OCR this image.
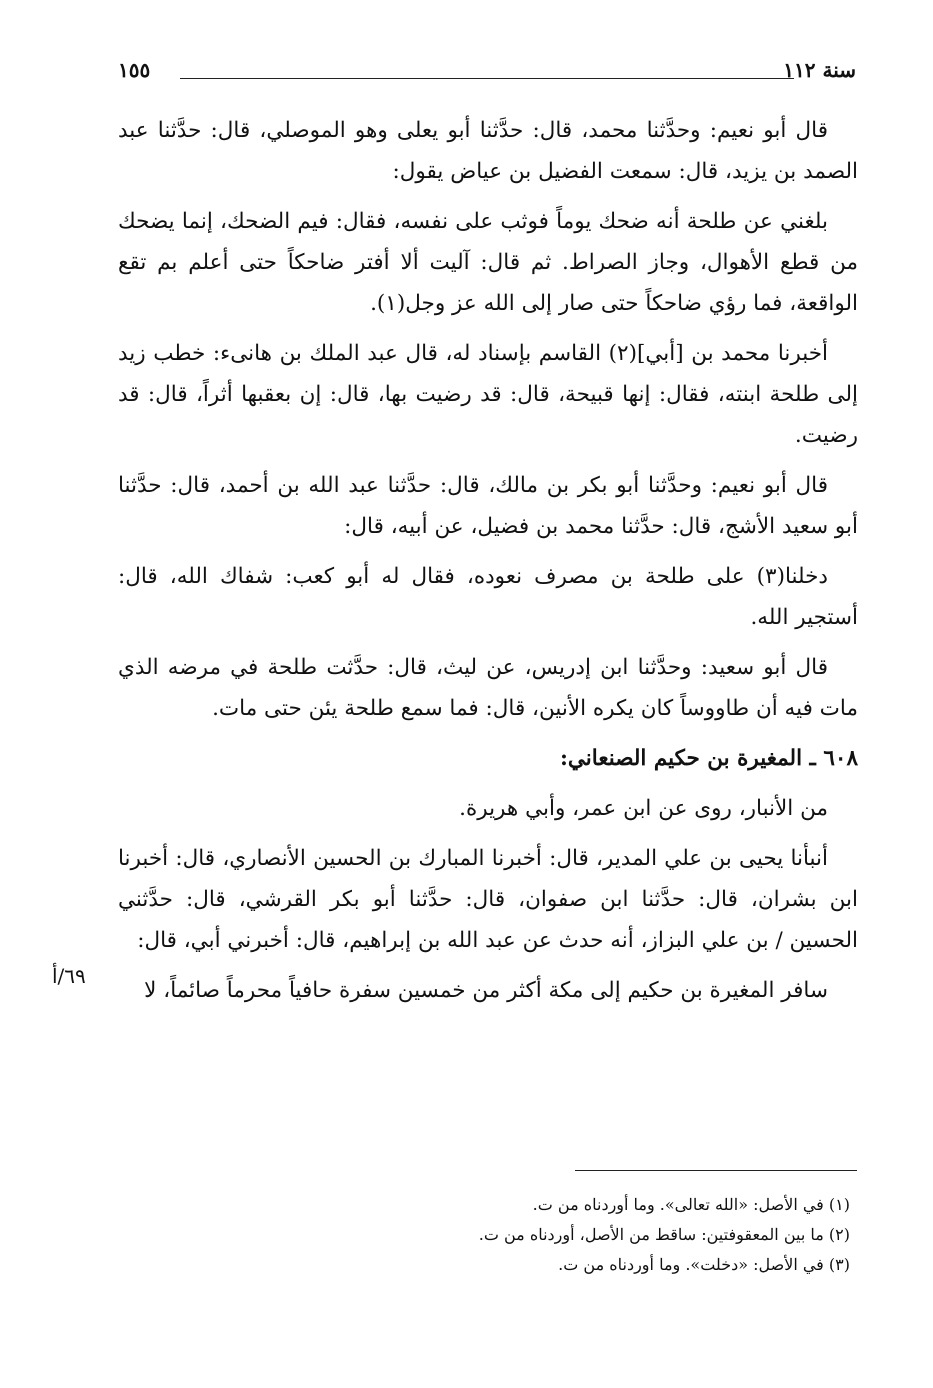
سنة ١١٢
١٥٥

قال أبو نعيم: وحدَّثنا محمد، قال: حدَّثنا أبو يعلى وهو الموصلي، قال: حدَّثنا عبد الصمد بن يزيد، قال: سمعت الفضيل بن عياض يقول:

بلغني عن طلحة أنه ضحك يوماً فوثب على نفسه، فقال: فيم الضحك، إنما يضحك من قطع الأهوال، وجاز الصراط. ثم قال: آليت ألا أفتر ضاحكاً حتى أعلم بم تقع الواقعة، فما رؤي ضاحكاً حتى صار إلى الله عز وجل(١).

أخبرنا محمد بن [أبي](٢) القاسم بإسناد له، قال عبد الملك بن هانىء: خطب زيد إلى طلحة ابنته، فقال: إنها قبيحة، قال: قد رضيت بها، قال: إن بعقبها أثراً، قال: قد رضيت.

قال أبو نعيم: وحدَّثنا أبو بكر بن مالك، قال: حدَّثنا عبد الله بن أحمد، قال: حدَّثنا أبو سعيد الأشج، قال: حدَّثنا محمد بن فضيل، عن أبيه، قال:

دخلنا(٣) على طلحة بن مصرف نعوده، فقال له أبو كعب: شفاك الله، قال: أستجير الله.

قال أبو سعيد: وحدَّثنا ابن إدريس، عن ليث، قال: حدَّثت طلحة في مرضه الذي مات فيه أن طاووساً كان يكره الأنين، قال: فما سمع طلحة يئن حتى مات.

٦٠٨ ـ المغيرة بن حكيم الصنعاني:

من الأنبار، روى عن ابن عمر، وأبي هريرة.

أنبأنا يحيى بن علي المدير، قال: أخبرنا المبارك بن الحسين الأنصاري، قال: أخبرنا ابن بشران، قال: حدَّثنا ابن صفوان، قال: حدَّثنا أبو بكر القرشي، قال: حدَّثني الحسين / بن علي البزاز، أنه حدث عن عبد الله بن إبراهيم، قال: أخبرني أبي، قال:

سافر المغيرة بن حكيم إلى مكة أكثر من خمسين سفرة حافياً محرماً صائماً، لا

٦٩/أ

(١) في الأصل: «الله تعالى». وما أوردناه من ت.

(٢) ما بين المعقوفتين: ساقط من الأصل، أوردناه من ت.

(٣) في الأصل: «دخلت». وما أوردناه من ت.
